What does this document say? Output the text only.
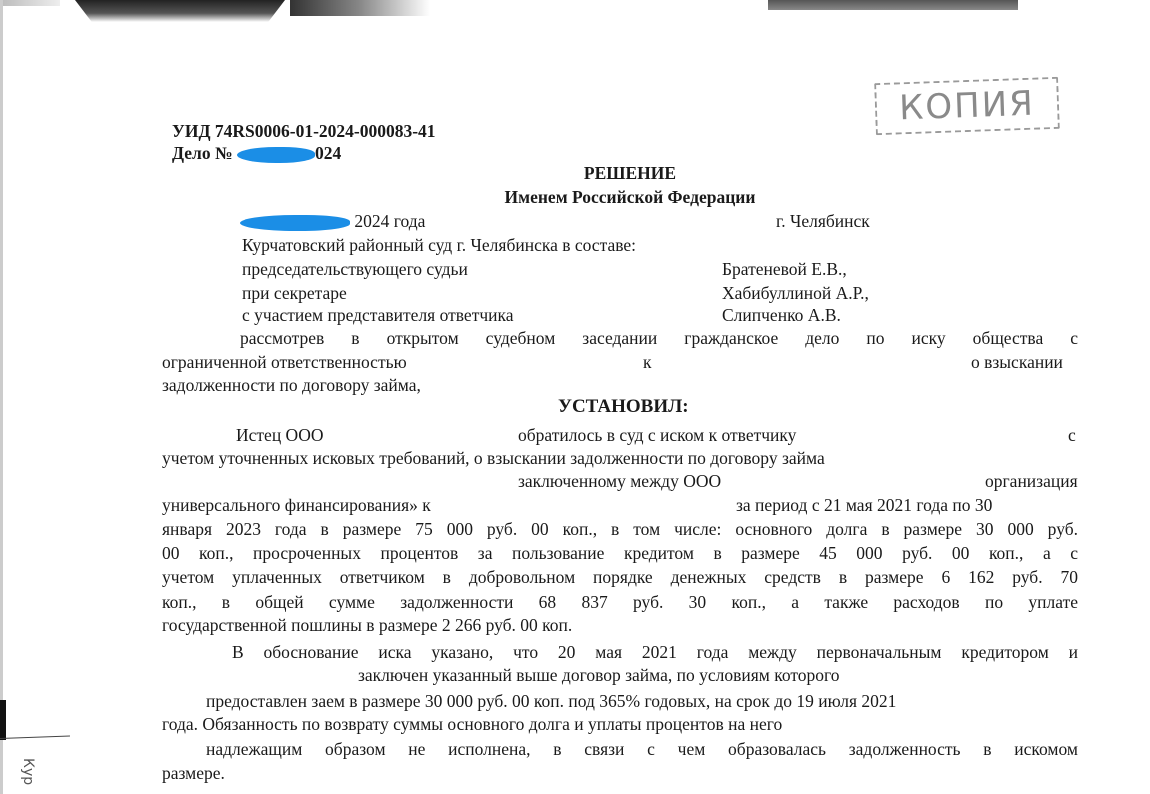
Кур
КОПИЯ
УИД 74RS0006-01-2024-000083-41
Дело №	024
РЕШЕНИЕ
Именем Российской Федерации
2024 года	г. Челябинск
Курчатовский районный суд г. Челябинска в составе:
председательствующего судьи	Братеневой Е.В.,
при секретаре	Хабибуллиной А.Р.,
с участием представителя ответчика	Слипченко А.В.
рассмотрев в открытом судебном заседании гражданское дело по иску общества с
ограниченной ответственностью	к	о взыскании
задолженности по договору займа,
УСТАНОВИЛ:
Истец ООО	обратилось в суд с иском к ответчику	с
учетом уточненных исковых требований, о взыскании задолженности по договору займа
заключенному между ООО	организация
универсального финансирования» к	за период с 21 мая 2021 года по 30
января 2023 года в размере 75 000 руб. 00 коп., в том числе: основного долга в размере 30 000 руб.
00 коп., просроченных процентов за пользование кредитом в размере 45 000 руб. 00 коп., а с
учетом уплаченных ответчиком в добровольном порядке денежных средств в размере 6 162 руб. 70
коп., в общей сумме задолженности 68 837 руб. 30 коп., а также расходов по уплате
государственной пошлины в размере 2 266 руб. 00 коп.
В обоснование иска указано, что 20 мая 2021 года между первоначальным кредитором и
заключен указанный выше договор займа, по условиям которого
предоставлен заем в размере 30 000 руб. 00 коп. под 365% годовых, на срок до 19 июля 2021
года. Обязанность по возврату суммы основного долга и уплаты процентов на него
надлежащим образом не исполнена, в связи с чем образовалась задолженность в искомом
размере.
